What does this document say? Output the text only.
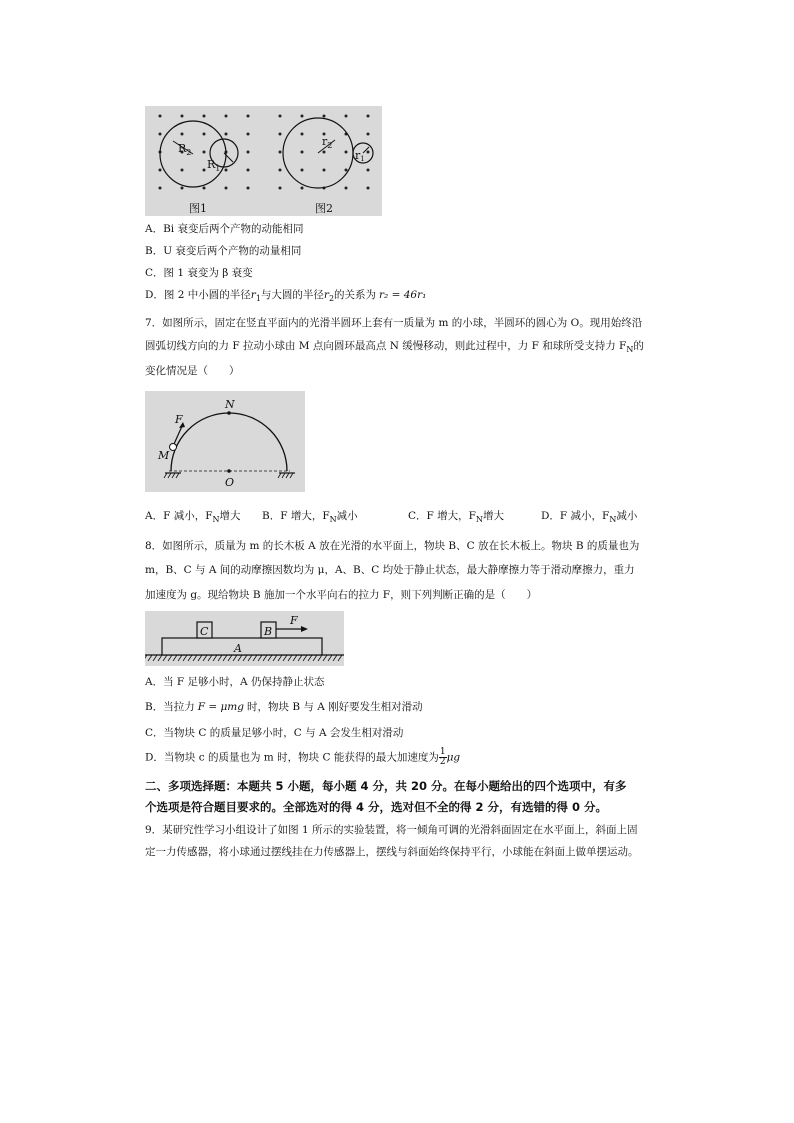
$R_2$
$R_1$
$r_2$
r1
图1	图2
A．Bi 衰变后两个产物的动能相同
B．U 衰变后两个产物的动量相同
C．图 1 衰变为 β 衰变
D．图 2 中小圆的半径$r_1$与大圆的半径$r_2$的关系为 r₂ = 46r₁
7．如图所示，固定在竖直平面内的光滑半圆环上套有一质量为 m 的小球，半圆环的圆心为 O。现用始终沿
圆弧切线方向的力 F 拉动小球由 M 点向圆环最高点 N 缓慢移动，则此过程中，力 F 和球所受支持力 $F_N$的
变化情况是（　　）
F
N
M
O
A．F 减小，$F_N$增大 B．F 增大，$F_N$减小	C．F 增大，$F_N$增大	D．F 减小，$F_N$减小
8．如图所示，质量为 m 的长木板 A 放在光滑的水平面上，物块 B、C 放在长木板上。物块 B 的质量也为
m，B、C 与 A 间的动摩擦因数均为 μ，A、B、C 均处于静止状态，最大静摩擦力等于滑动摩擦力，重力
加速度为 g。现给物块 B 施加一个水平向右的拉力 F，则下列判断正确的是（　　）
C	B
A
F
A．当 F 足够小时，A 仍保持静止状态
B．当拉力 F = μmg 时，物块 B 与 A 刚好要发生相对滑动
C．当物块 C 的质量足够小时，C 与 A 会发生相对滑动
D．当物块 c 的质量也为 m 时，物块 C 能获得的最大加速度为 $\frac{1}{2}$ μg
二、多项选择题：本题共 5 小题，每小题 4 分，共 20 分。在每小题给出的四个选项中，有多
个选项是符合题目要求的。全部选对的得 4 分，选对但不全的得 2 分，有选错的得 0 分。
9．某研究性学习小组设计了如图 1 所示的实验装置，将一倾角可调的光滑斜面固定在水平面上，斜面上固
定一力传感器，将小球通过摆线挂在力传感器上，摆线与斜面始终保持平行，小球能在斜面上做单摆运动。
